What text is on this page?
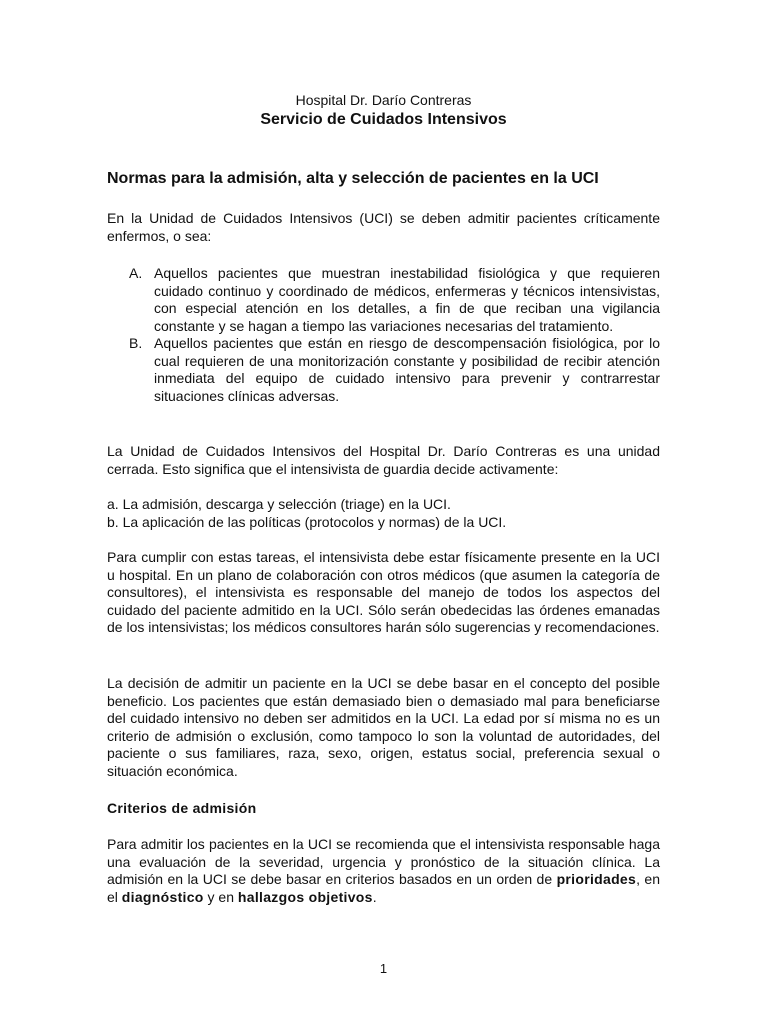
Hospital Dr. Darío Contreras
Servicio de Cuidados Intensivos
Normas para la admisión, alta y selección de pacientes en la UCI

En la Unidad de Cuidados Intensivos (UCI) se deben admitir pacientes críticamente enfermos, o sea:

A. Aquellos pacientes que muestran inestabilidad fisiológica y que requieren cuidado continuo y coordinado de médicos, enfermeras y técnicos intensivistas, con especial atención en los detalles, a fin de que reciban una vigilancia constante y se hagan a tiempo las variaciones necesarias del tratamiento.
B. Aquellos pacientes que están en riesgo de descompensación fisiológica, por lo cual requieren de una monitorización constante y posibilidad de recibir atención inmediata del equipo de cuidado intensivo para prevenir y contrarrestar situaciones clínicas adversas.

La Unidad de Cuidados Intensivos del Hospital Dr. Darío Contreras es una unidad cerrada. Esto significa que el intensivista de guardia decide activamente:

a. La admisión, descarga y selección (triage) en la UCI.
b. La aplicación de las políticas (protocolos y normas) de la UCI.

Para cumplir con estas tareas, el intensivista debe estar físicamente presente en la UCI u hospital. En un plano de colaboración con otros médicos (que asumen la categoría de consultores), el intensivista es responsable del manejo de todos los aspectos del cuidado del paciente admitido en la UCI. Sólo serán obedecidas las órdenes emanadas de los intensivistas; los médicos consultores harán sólo sugerencias y recomendaciones.

La decisión de admitir un paciente en la UCI se debe basar en el concepto del posible beneficio. Los pacientes que están demasiado bien o demasiado mal para beneficiarse del cuidado intensivo no deben ser admitidos en la UCI. La edad por sí misma no es un criterio de admisión o exclusión, como tampoco lo son la voluntad de autoridades, del paciente o sus familiares, raza, sexo, origen, estatus social, preferencia sexual o situación económica.

Criterios de admisión

Para admitir los pacientes en la UCI se recomienda que el intensivista responsable haga una evaluación de la severidad, urgencia y pronóstico de la situación clínica. La admisión en la UCI se debe basar en criterios basados en un orden de prioridades, en el diagnóstico y en hallazgos objetivos.

1
